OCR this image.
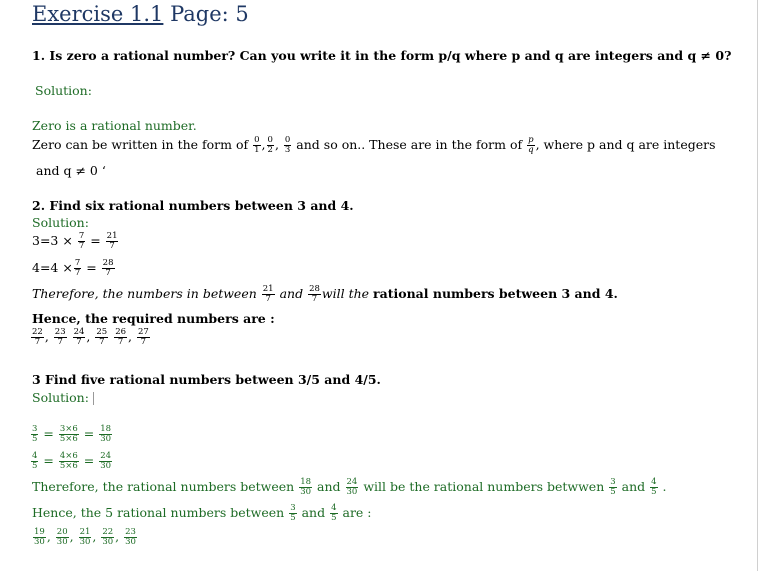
Exercise 1.1 Page: 5
1. Is zero a rational number? Can you write it in the form p/q where p and q are integers and q ≠ 0?
Solution:
Zero is a rational number.
Zero can be written in the form of $\frac{0}{1}$ , $\frac{0}{2}$ , $\frac{0}{3}$ and so on.. These are in the form of $\frac{p}{q}$ , where p and q are integers
and q ≠ 0 ‘
2. Find six rational numbers between 3 and 4.
Solution:
$3=3 \times \frac{7}{7} = \frac{21}{7}$
$4=4 \times \frac{7}{7} = \frac{28}{7}$
Therefore, the numbers in between $\frac{21}{7}$ and $\frac{28}{7}$ will the rational numbers between 3 and 4.
Hence, the required numbers are :
$\frac{22}{7}$ , $\frac{23}{7}$
$\frac{24}{7}$ , $\frac{25}{7}$
$\frac{26}{7}$ , $\frac{27}{7}$
3 Find five rational numbers between 3/5 and 4/5.
Solution:
$\frac{3}{5} = \frac{3\times 6}{5\times 6} = \frac{18}{30}$
$\frac{4}{5} = \frac{4\times 6}{5\times 6} = \frac{24}{30}$
Therefore, the rational numbers between $\frac{18}{30}$ and $\frac{24}{30}$ will be the rational numbers betwwen $\frac{3}{5}$ and $\frac{4}{5}$ .
Hence, the 5 rational numbers between $\frac{3}{5}$ and $\frac{4}{5}$ are :
$\frac{19}{30}$ , $\frac{20}{30}$ , $\frac{21}{30}$ , $\frac{22}{30}$ , $\frac{23}{30}$
